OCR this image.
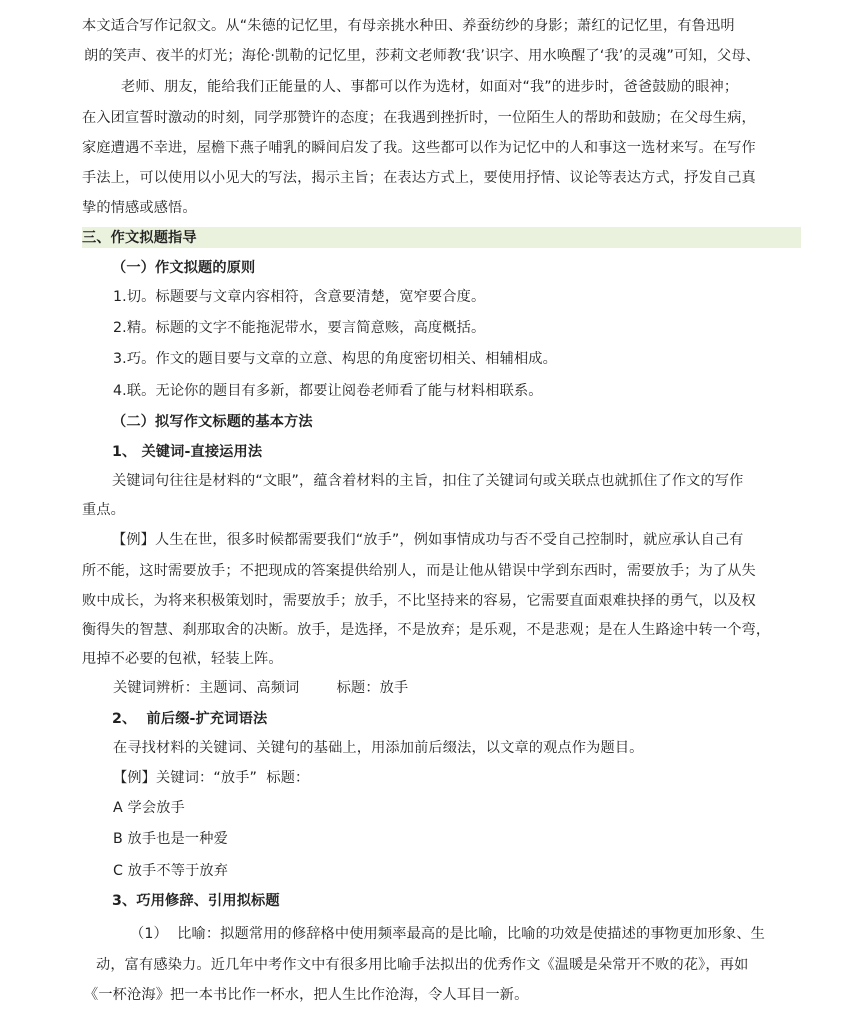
本文适合写作记叙文。从“朱德的记忆里，有母亲挑水种田、养蚕纺纱的身影；萧红的记忆里，有鲁迅明
朗的笑声、夜半的灯光；海伦·凯勒的记忆里，莎莉文老师教‘我’识字、用水唤醒了‘我’的灵魂”可知，父母、
老师、朋友，能给我们正能量的人、事都可以作为选材，如面对“我”的进步时，爸爸鼓励的眼神；
在入团宣誓时激动的时刻，同学那赞许的态度；在我遇到挫折时，一位陌生人的帮助和鼓励；在父母生病，
家庭遭遇不幸进，屋檐下燕子哺乳的瞬间启发了我。这些都可以作为记忆中的人和事这一选材来写。在写作
手法上，可以使用以小见大的写法，揭示主旨；在表达方式上，要使用抒情、议论等表达方式，抒发自己真
挚的情感或感悟。
三、作文拟题指导
（一）作文拟题的原则
1.切。标题要与文章内容相符，含意要清楚，宽窄要合度。
2.精。标题的文字不能拖泥带水，要言简意赅，高度概括。
3.巧。作文的题目要与文章的立意、构思的角度密切相关、相辅相成。
4.联。无论你的题目有多新，都要让阅卷老师看了能与材料相联系。
（二）拟写作文标题的基本方法
1、 关键词-直接运用法
关键词句往往是材料的“文眼”，蕴含着材料的主旨，扣住了关键词句或关联点也就抓住了作文的写作
重点。
【例】人生在世，很多时候都需要我们“放手”，例如事情成功与否不受自己控制时，就应承认自己有
所不能，这时需要放手；不把现成的答案提供给别人，而是让他从错误中学到东西时，需要放手；为了从失
败中成长，为将来积极策划时，需要放手；放手，不比坚持来的容易，它需要直面艰难抉择的勇气，以及权
衡得失的智慧、刹那取舍的决断。放手，是选择，不是放弃；是乐观，不是悲观；是在人生路途中转一个弯，
甩掉不必要的包袱，轻装上阵。
关键词辨析：主题词、高频词        标题：放手
2、  前后缀-扩充词语法
在寻找材料的关键词、关键句的基础上，用添加前后缀法，以文章的观点作为题目。
【例】关键词：“放手”  标题：
A 学会放手
B 放手也是一种爱
C 放手不等于放弃
3、巧用修辞、引用拟标题
（1）  比喻：拟题常用的修辞格中使用频率最高的是比喻，比喻的功效是使描述的事物更加形象、生
动，富有感染力。近几年中考作文中有很多用比喻手法拟出的优秀作文《温暖是朵常开不败的花》，再如
《一杯沧海》把一本书比作一杯水，把人生比作沧海，令人耳目一新。
